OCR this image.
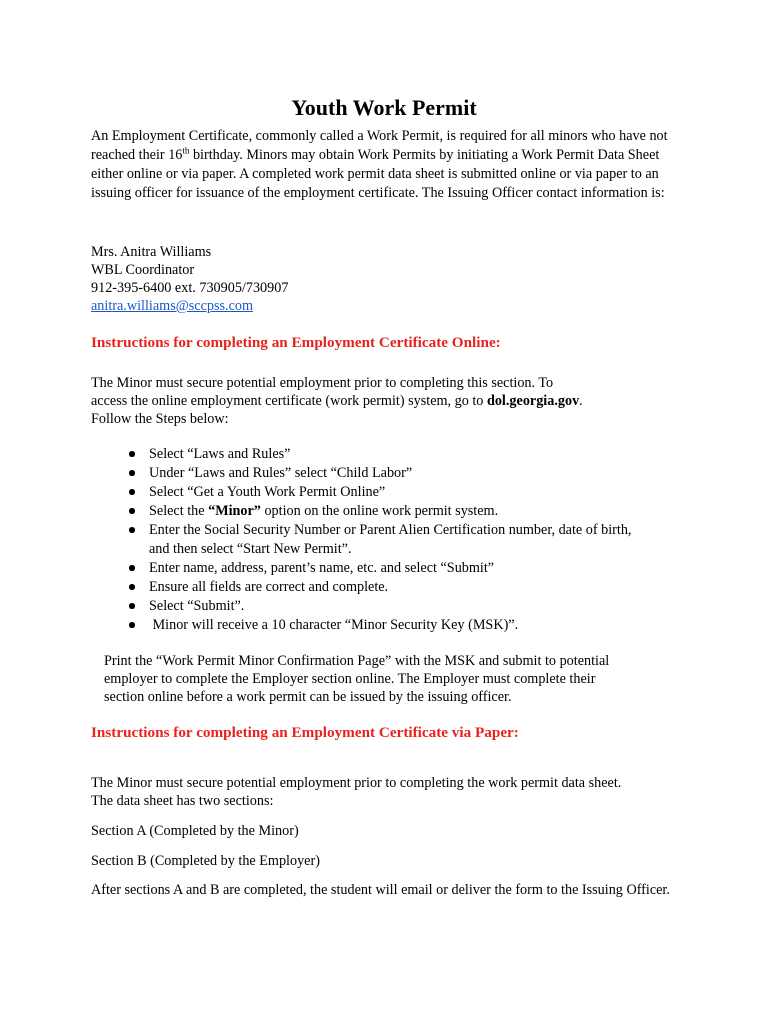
Youth Work Permit
An Employment Certificate, commonly called a Work Permit, is required for all minors who have not reached their 16th birthday. Minors may obtain Work Permits by initiating a Work Permit Data Sheet either online or via paper. A completed work permit data sheet is submitted online or via paper to an issuing officer for issuance of the employment certificate. The Issuing Officer contact information is:
Mrs. Anitra Williams
WBL Coordinator
912-395-6400 ext. 730905/730907
anitra.williams@sccpss.com
Instructions for completing an Employment Certificate Online:
The Minor must secure potential employment prior to completing this section. To
access the online employment certificate (work permit) system, go to dol.georgia.gov.
Follow the Steps below:
Select “Laws and Rules”
Under “Laws and Rules” select “Child Labor”
Select “Get a Youth Work Permit Online”
Select the “Minor” option on the online work permit system.
Enter the Social Security Number or Parent Alien Certification number, date of birth, and then select “Start New Permit”.
Enter name, address, parent’s name, etc. and select “Submit”
Ensure all fields are correct and complete.
Select “Submit”.
Minor will receive a 10 character “Minor Security Key (MSK)”.
Print the “Work Permit Minor Confirmation Page” with the MSK and submit to potential
employer to complete the Employer section online. The Employer must complete their
section online before a work permit can be issued by the issuing officer.
Instructions for completing an Employment Certificate via Paper:
The Minor must secure potential employment prior to completing the work permit data sheet.
The data sheet has two sections:
Section A (Completed by the Minor)
Section B (Completed by the Employer)
After sections A and B are completed, the student will email or deliver the form to the Issuing Officer.
